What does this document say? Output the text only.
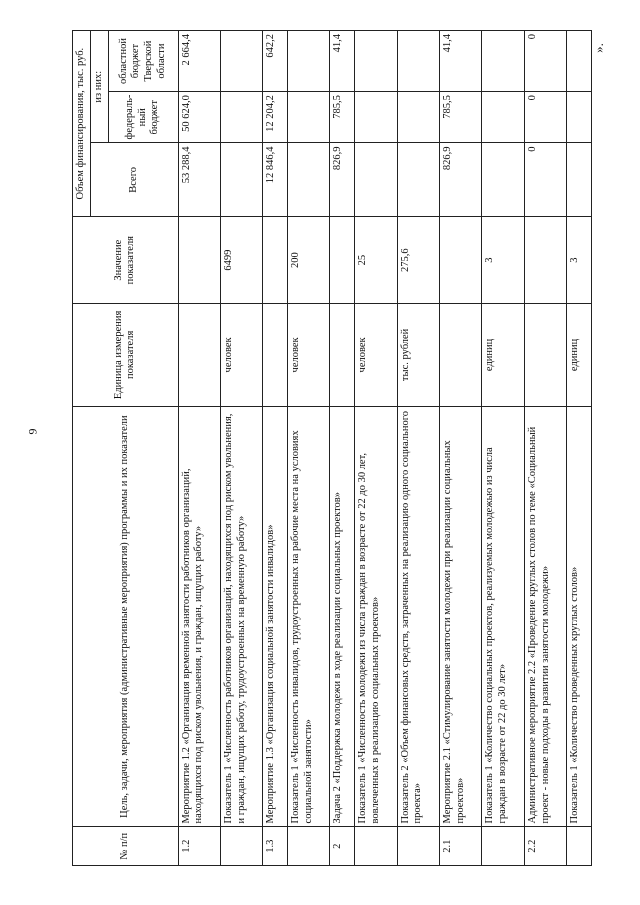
9
».
№ п/п	Цель, задачи, мероприятия (административные мероприятия) программы и их показатели	Единица измерения показателя	Значение показателя	Объем финансирования, тыс. руб.		
				Всего	из них:	
					федераль-ный бюджет	областной бюджет Тверской области
1.2	Мероприятие 1.2 «Организация временной занятости работников организаций, находящихся под риском увольнения, и граждан, ищущих работу»			53 288,4	50 624,0	2 664,4
	Показатель 1 «Численность работников организаций, находящихся под риском увольнения, и граждан, ищущих работу, трудоустроенных на временную работу»	человек	6499			
1.3	Мероприятие 1.3 «Организация социальной занятости инвалидов»			12 846,4	12 204,2	642,2
	Показатель 1 «Численность инвалидов, трудоустроенных на рабочие места на условиях социальной занятости»	человек	200			
2	Задача 2 «Поддержка молодежи в ходе реализации социальных проектов»			826,9	785,5	41,4
	Показатель 1 «Численность молодежи из числа граждан в возрасте от 22 до 30 лет, вовлеченных в реализацию социальных проектов»	человек	25			
	Показатель 2 «Объем финансовых средств, затраченных на реализацию одного социального проекта»	тыс. рублей	275,6			
2.1	Мероприятие 2.1 «Стимулирование занятости молодежи при реализации социальных проектов»			826,9	785,5	41,4
	Показатель 1 «Количество социальных проектов, реализуемых молодежью из числа граждан в возрасте от 22 до 30 лет»	единиц	3			
2.2	Административное мероприятие 2.2 «Проведение круглых столов по теме «Социальный проект - новые подходы в развитии занятости молодежи»			0	0	0
	Показатель 1 «Количество проведенных круглых столов»	единиц	3			
